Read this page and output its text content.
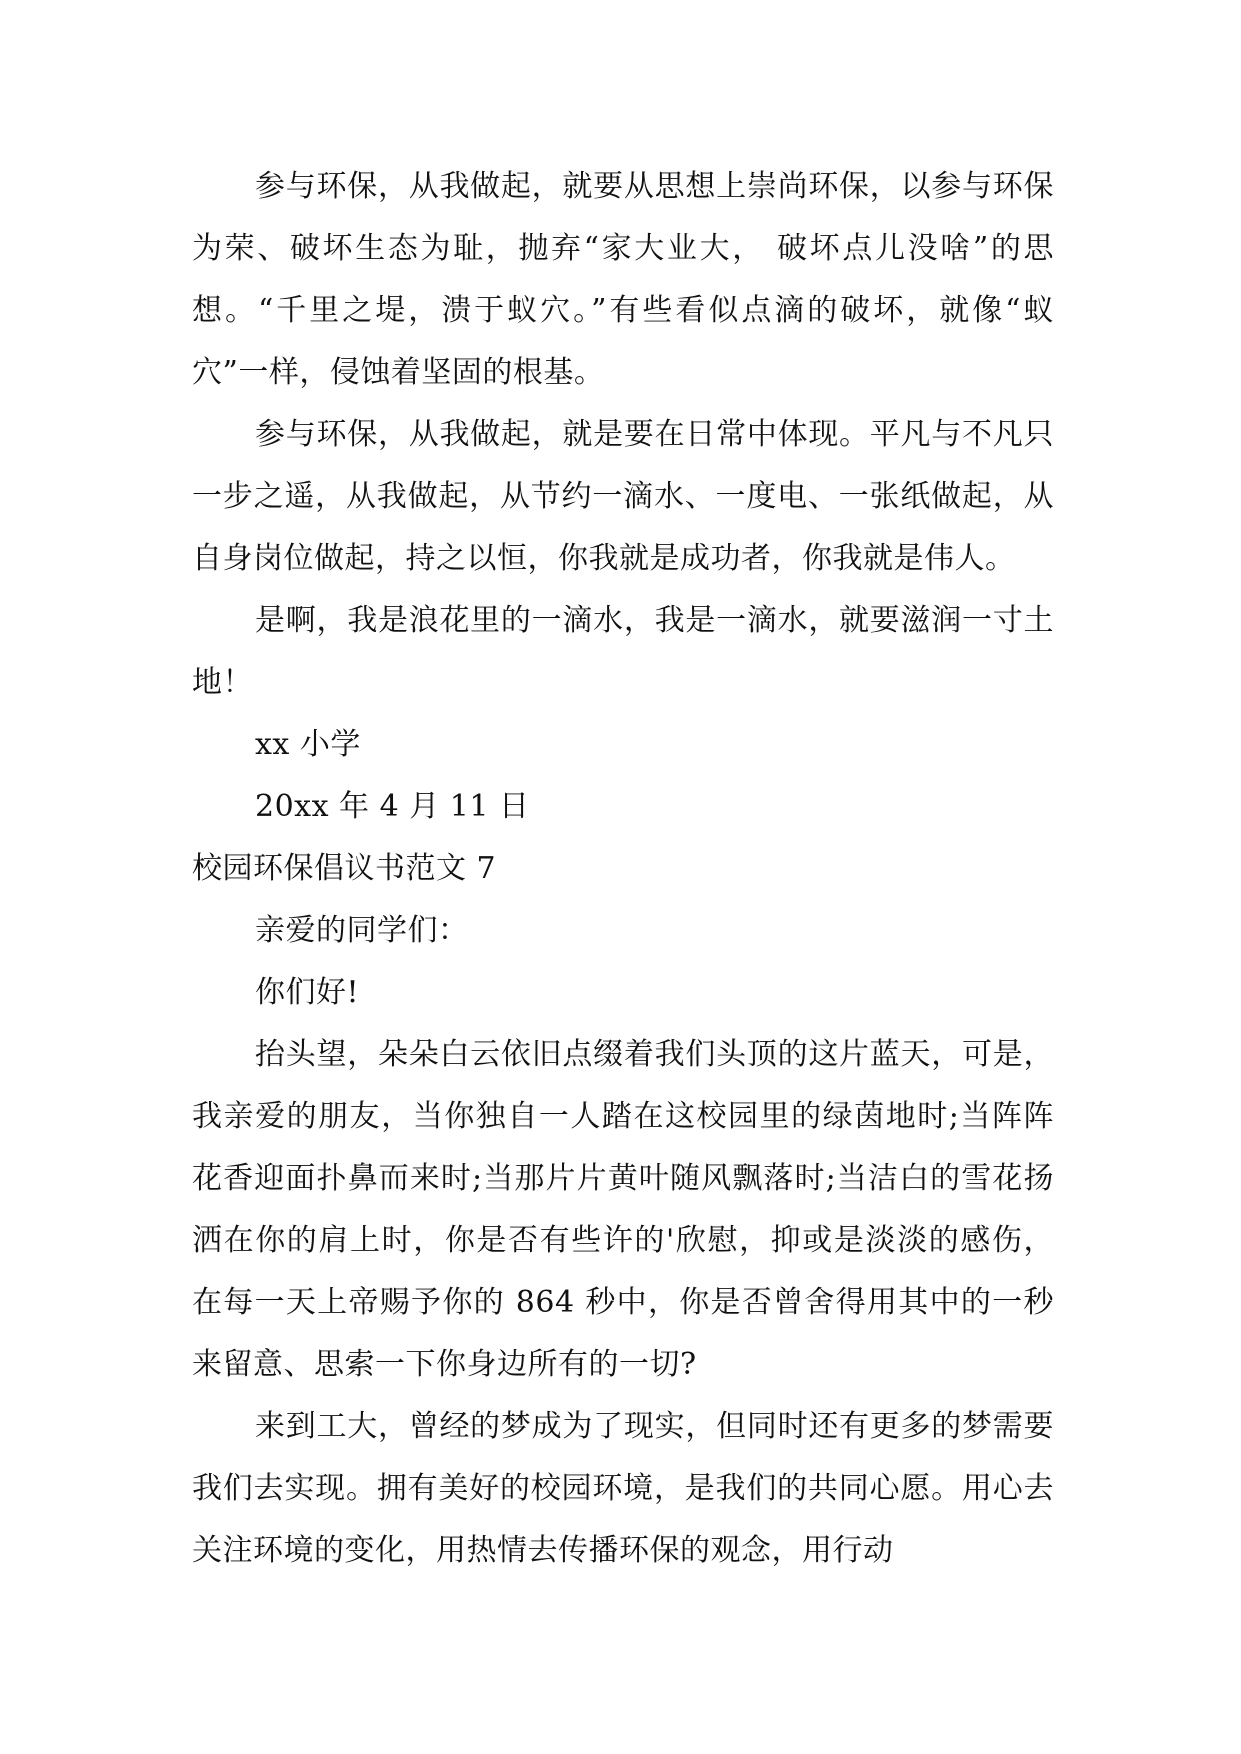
参与环保，从我做起，就要从思想上崇尚环保，以参与环保为荣、破坏生态为耻，抛弃“家大业大， 破坏点儿没啥”的思想。“千里之堤，溃于蚁穴。”有些看似点滴的破坏，就像“蚁穴”一样，侵蚀着坚固的根基。

参与环保，从我做起，就是要在日常中体现。平凡与不凡只一步之遥，从我做起，从节约一滴水、一度电、一张纸做起，从自身岗位做起，持之以恒，你我就是成功者，你我就是伟人。

是啊，我是浪花里的一滴水，我是一滴水，就要滋润一寸土地！

xx 小学

20xx 年 4 月 11 日

校园环保倡议书范文 7

亲爱的同学们：

你们好!

抬头望，朵朵白云依旧点缀着我们头顶的这片蓝天，可是，我亲爱的朋友，当你独自一人踏在这校园里的绿茵地时;当阵阵花香迎面扑鼻而来时;当那片片黄叶随风飘落时;当洁白的雪花扬洒在你的肩上时，你是否有些许的'欣慰，抑或是淡淡的感伤，在每一天上帝赐予你的 864 秒中，你是否曾舍得用其中的一秒来留意、思索一下你身边所有的一切?

来到工大，曾经的梦成为了现实，但同时还有更多的梦需要我们去实现。拥有美好的校园环境，是我们的共同心愿。用心去关注环境的变化，用热情去传播环保的观念，用行动
